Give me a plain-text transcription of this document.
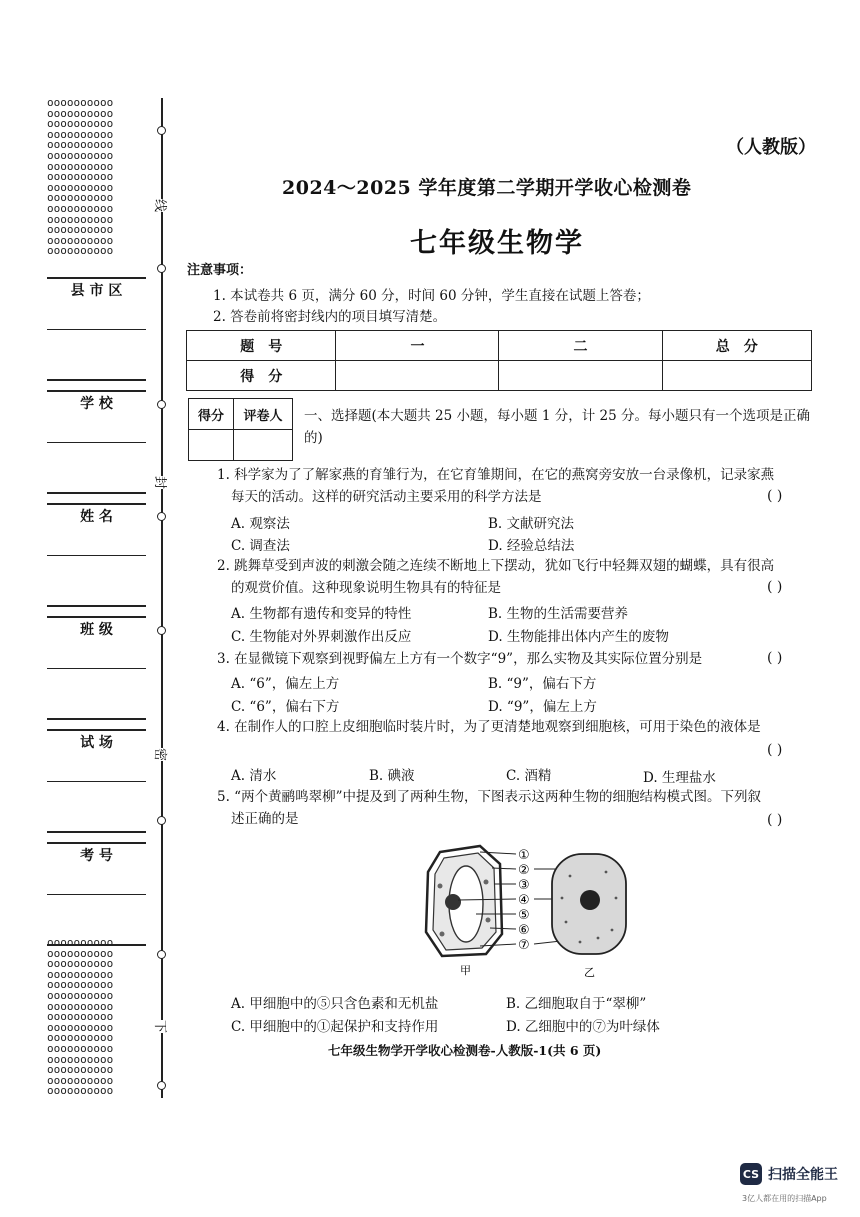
oooooooooo
oooooooooo
oooooooooo
oooooooooo
oooooooooo
oooooooooo
oooooooooo
oooooooooo
oooooooooo
oooooooooo
oooooooooo
oooooooooo
oooooooooo
oooooooooo
oooooooooo
oooooooooo
oooooooooo
oooooooooo
oooooooooo
oooooooooo
oooooooooo
oooooooooo
oooooooooo
oooooooooo
oooooooooo
oooooooooo
oooooooooo
oooooooooo
oooooooooo
oooooooooo
线
封
密
下
县 市 区
学 校
姓 名
班 级
试 场
考 号
（人教版）
2024～2025 学年度第二学期开学收心检测卷
七年级生物学
注意事项：
1. 本试卷共 6 页，满分 60 分，时间 60 分钟，学生直接在试题上答卷；
2. 答卷前将密封线内的项目填写清楚。
题　号	一	二	总　分
得　分			
得分	评卷人
	一、选择题(本大题共 25 小题，每小题 1 分，计 25 分。每小题只有一个选项是正确的)
1. 科学家为了了解家燕的育雏行为，在它育雏期间，在它的燕窝旁安放一台录像机，记录家燕
每天的活动。这样的研究活动主要采用的科学方法是	( )
A. 观察法	B. 文献研究法
C. 调查法	D. 经验总结法
2. 跳舞草受到声波的刺激会随之连续不断地上下摆动，犹如飞行中轻舞双翅的蝴蝶，具有很高
的观赏价值。这种现象说明生物具有的特征是	( )
A. 生物都有遗传和变异的特性	B. 生物的生活需要营养
C. 生物能对外界刺激作出反应	D. 生物能排出体内产生的废物
3. 在显微镜下观察到视野偏左上方有一个数字“9”，那么实物及其实际位置分别是	( )
A. “6”，偏左上方	B. “9”，偏右下方
C. “6”，偏右下方	D. “9”，偏左上方
4. 在制作人的口腔上皮细胞临时装片时，为了更清楚地观察到细胞核，可用于染色的液体是
( )
A. 清水	B. 碘液	C. 酒精	D. 生理盐水
5. “两个黄鹂鸣翠柳”中提及到了两种生物，下图表示这两种生物的细胞结构模式图。下列叙
述正确的是	( )
①
②
③
④
⑤
⑥
⑦
甲	乙
A. 甲细胞中的⑤只含色素和无机盐	B. 乙细胞取自于“翠柳”
C. 甲细胞中的①起保护和支持作用	D. 乙细胞中的⑦为叶绿体
七年级生物学开学收心检测卷-人教版-1(共 6 页)
CS 扫描全能王
3亿人都在用的扫描App
